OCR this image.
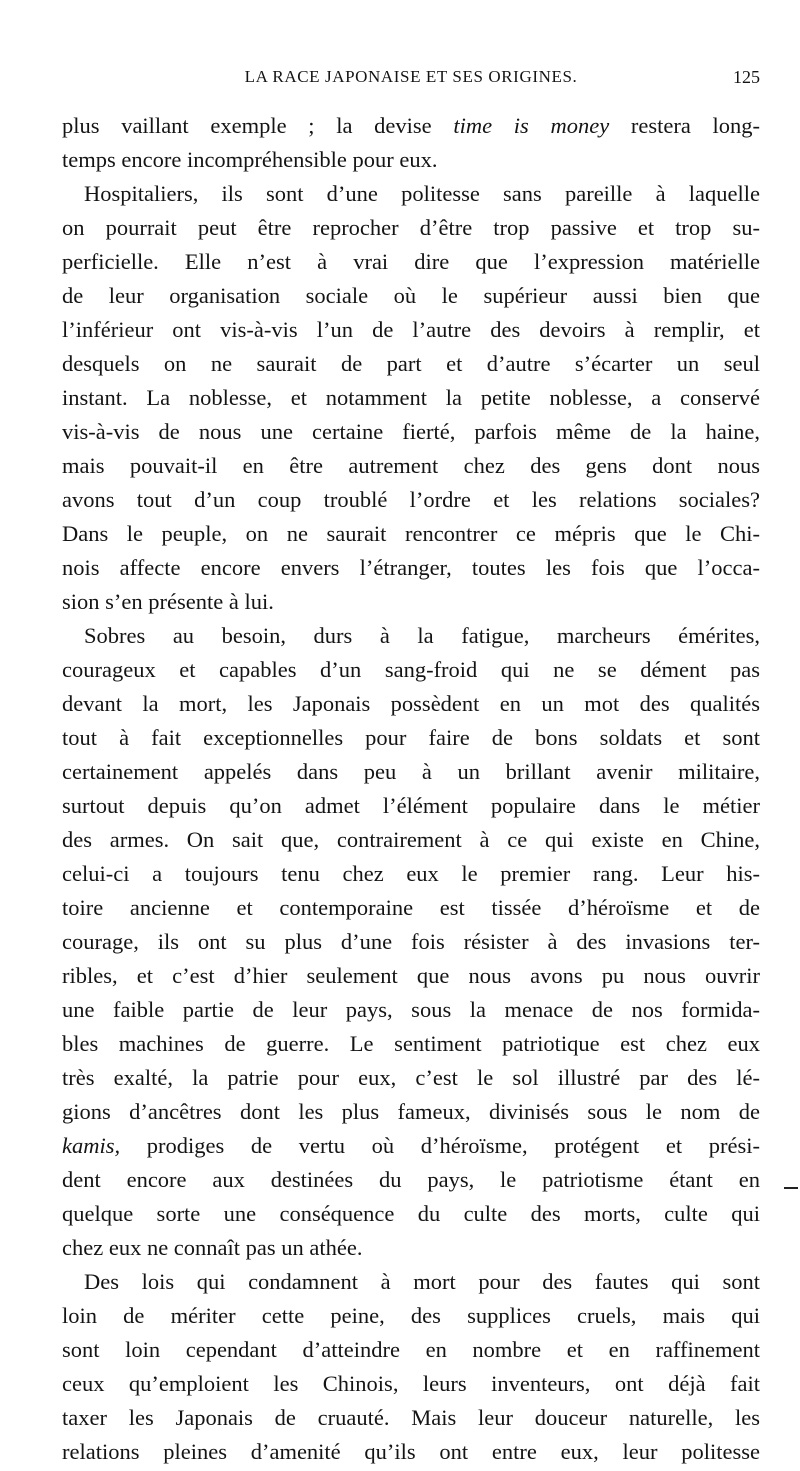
LA RACE JAPONAISE ET SES ORIGINES.	125
plus vaillant exemple ; la devise time is money restera long-
temps encore incompréhensible pour eux.
Hospitaliers, ils sont d’une politesse sans pareille à laquelle
on pourrait peut être reprocher d’être trop passive et trop su-
perficielle. Elle n’est à vrai dire que l’expression matérielle
de leur organisation sociale où le supérieur aussi bien que
l’inférieur ont vis-à-vis l’un de l’autre des devoirs à remplir, et
desquels on ne saurait de part et d’autre s’écarter un seul
instant. La noblesse, et notamment la petite noblesse, a conservé
vis-à-vis de nous une certaine fierté, parfois même de la haine,
mais pouvait-il en être autrement chez des gens dont nous
avons tout d’un coup troublé l’ordre et les relations sociales?
Dans le peuple, on ne saurait rencontrer ce mépris que le Chi-
nois affecte encore envers l’étranger, toutes les fois que l’occa-
sion s’en présente à lui.
Sobres au besoin, durs à la fatigue, marcheurs émérites,
courageux et capables d’un sang-froid qui ne se dément pas
devant la mort, les Japonais possèdent en un mot des qualités
tout à fait exceptionnelles pour faire de bons soldats et sont
certainement appelés dans peu à un brillant avenir militaire,
surtout depuis qu’on admet l’élément populaire dans le métier
des armes. On sait que, contrairement à ce qui existe en Chine,
celui-ci a toujours tenu chez eux le premier rang. Leur his-
toire ancienne et contemporaine est tissée d’héroïsme et de
courage, ils ont su plus d’une fois résister à des invasions ter-
ribles, et c’est d’hier seulement que nous avons pu nous ouvrir
une faible partie de leur pays, sous la menace de nos formida-
bles machines de guerre. Le sentiment patriotique est chez eux
très exalté, la patrie pour eux, c’est le sol illustré par des lé-
gions d’ancêtres dont les plus fameux, divinisés sous le nom de
kamis, prodiges de vertu où d’héroïsme, protégent et prési-
dent encore aux destinées du pays, le patriotisme étant en
quelque sorte une conséquence du culte des morts, culte qui
chez eux ne connaît pas un athée.
Des lois qui condamnent à mort pour des fautes qui sont
loin de mériter cette peine, des supplices cruels, mais qui
sont loin cependant d’atteindre en nombre et en raffinement
ceux qu’emploient les Chinois, leurs inventeurs, ont déjà fait
taxer les Japonais de cruauté. Mais leur douceur naturelle, les
relations pleines d’amenité qu’ils ont entre eux, leur politesse
